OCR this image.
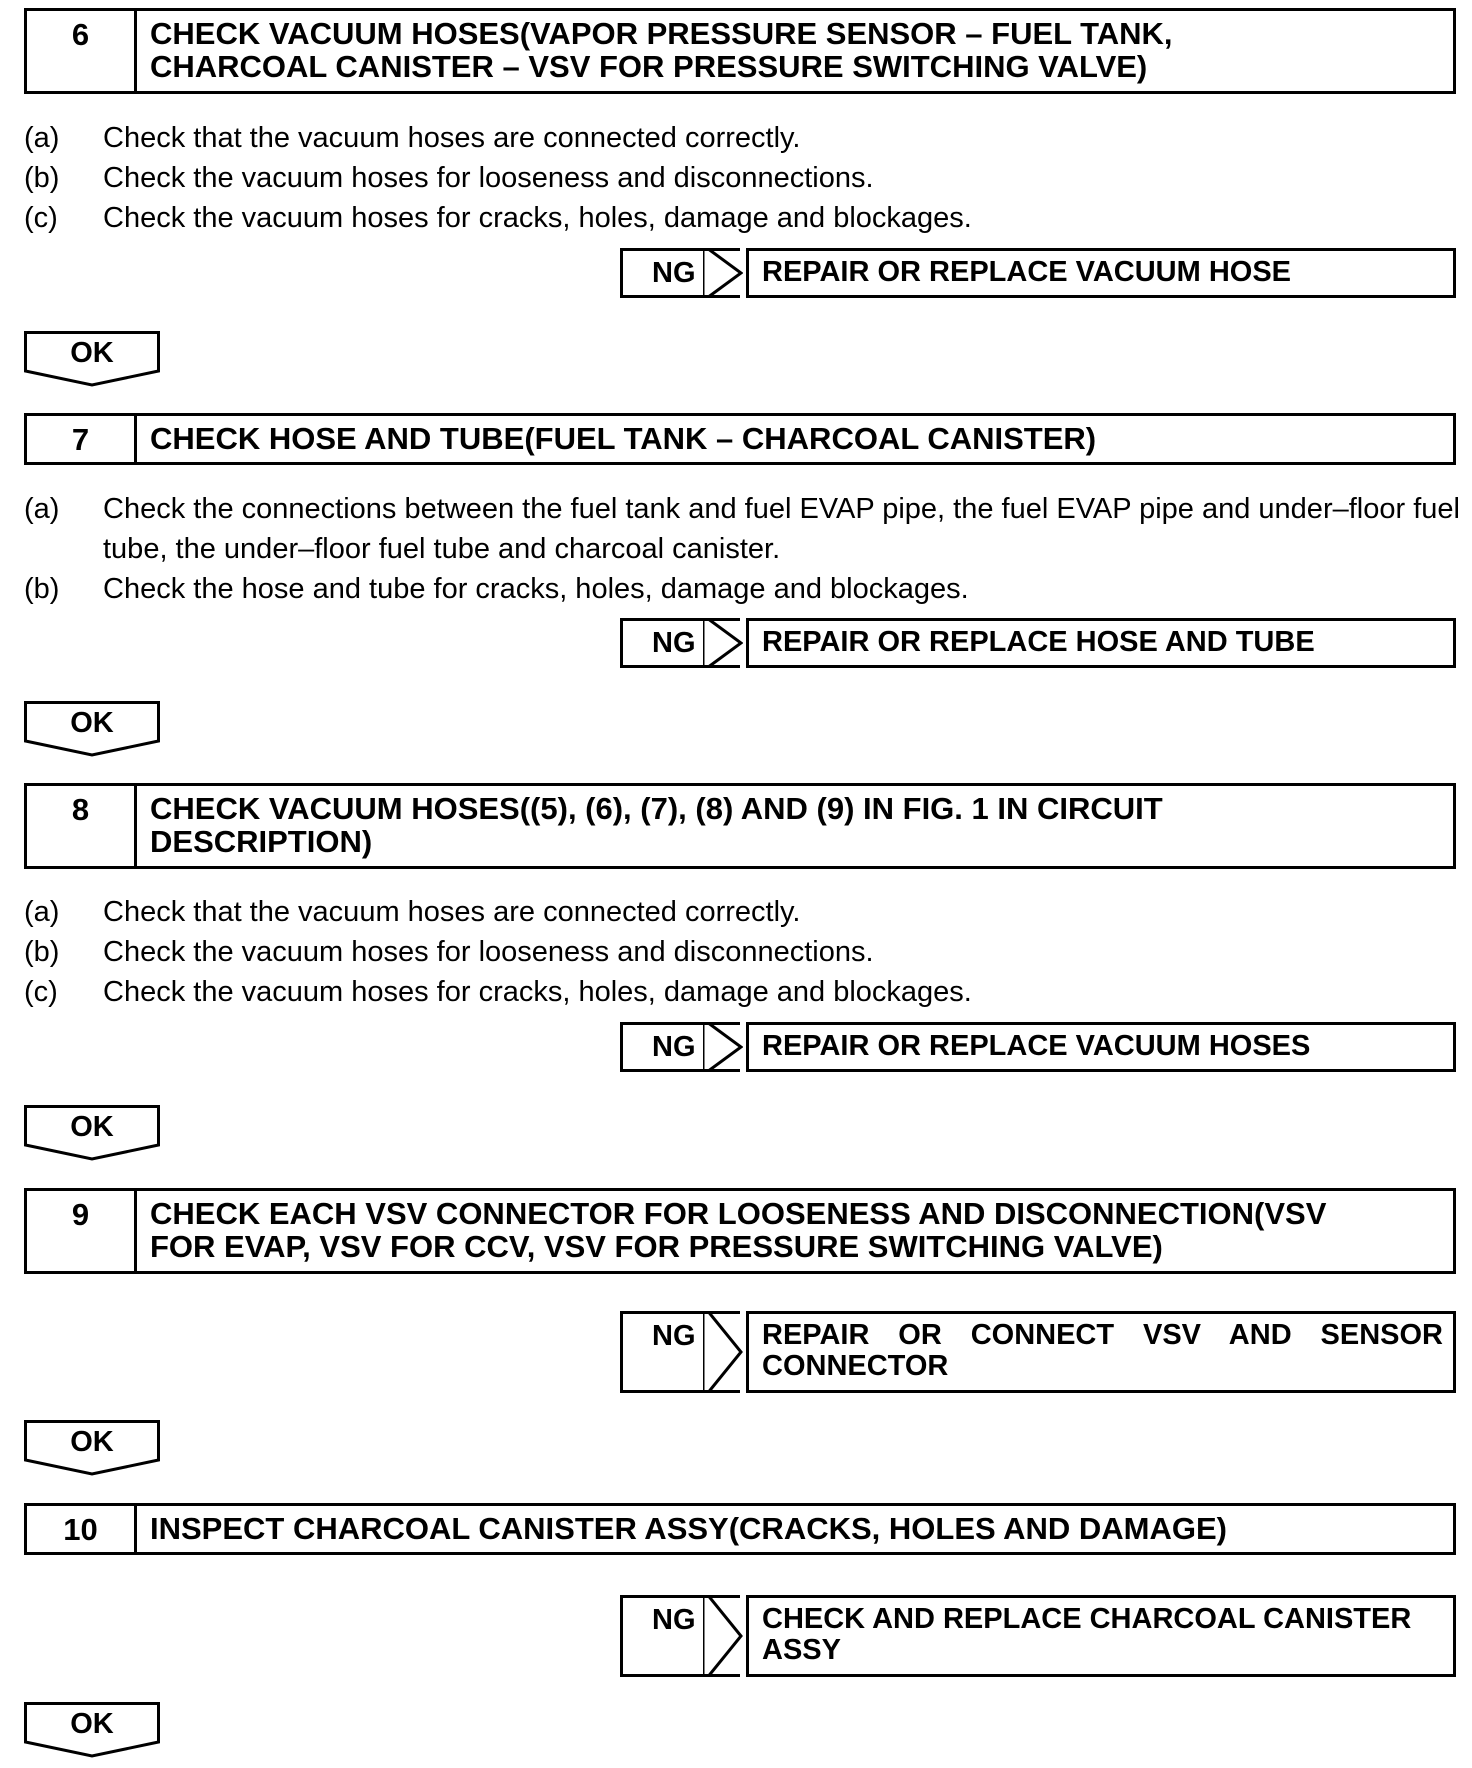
6	CHECK VACUUM HOSES(VAPOR PRESSURE SENSOR – FUEL TANK,
CHARCOAL CANISTER – VSV FOR PRESSURE SWITCHING VALVE)
(a)	Check that the vacuum hoses are connected correctly.
(b)	Check the vacuum hoses for looseness and disconnections.
(c)	Check the vacuum hoses for cracks, holes, damage and blockages.
NG	REPAIR OR REPLACE VACUUM HOSE
OK
7	CHECK HOSE AND TUBE(FUEL TANK – CHARCOAL CANISTER)
(a)	Check the connections between the fuel tank and fuel EVAP pipe, the fuel EVAP pipe and under–floor fuel tube, the under–floor fuel tube and charcoal canister.
(b)	Check the hose and tube for cracks, holes, damage and blockages.
NG	REPAIR OR REPLACE HOSE AND TUBE
OK
8	CHECK VACUUM HOSES((5), (6), (7), (8) AND (9) IN FIG. 1 IN CIRCUIT
DESCRIPTION)
(a)	Check that the vacuum hoses are connected correctly.
(b)	Check the vacuum hoses for looseness and disconnections.
(c)	Check the vacuum hoses for cracks, holes, damage and blockages.
NG	REPAIR OR REPLACE VACUUM HOSES
OK
9	CHECK EACH VSV CONNECTOR FOR LOOSENESS AND DISCONNECTION(VSV
FOR EVAP, VSV FOR CCV, VSV FOR PRESSURE SWITCHING VALVE)
NG	REPAIR OR CONNECT VSV AND SENSOR CONNECTOR
OK
10	INSPECT CHARCOAL CANISTER ASSY(CRACKS, HOLES AND DAMAGE)
NG	CHECK AND REPLACE CHARCOAL CANISTER ASSY
OK
